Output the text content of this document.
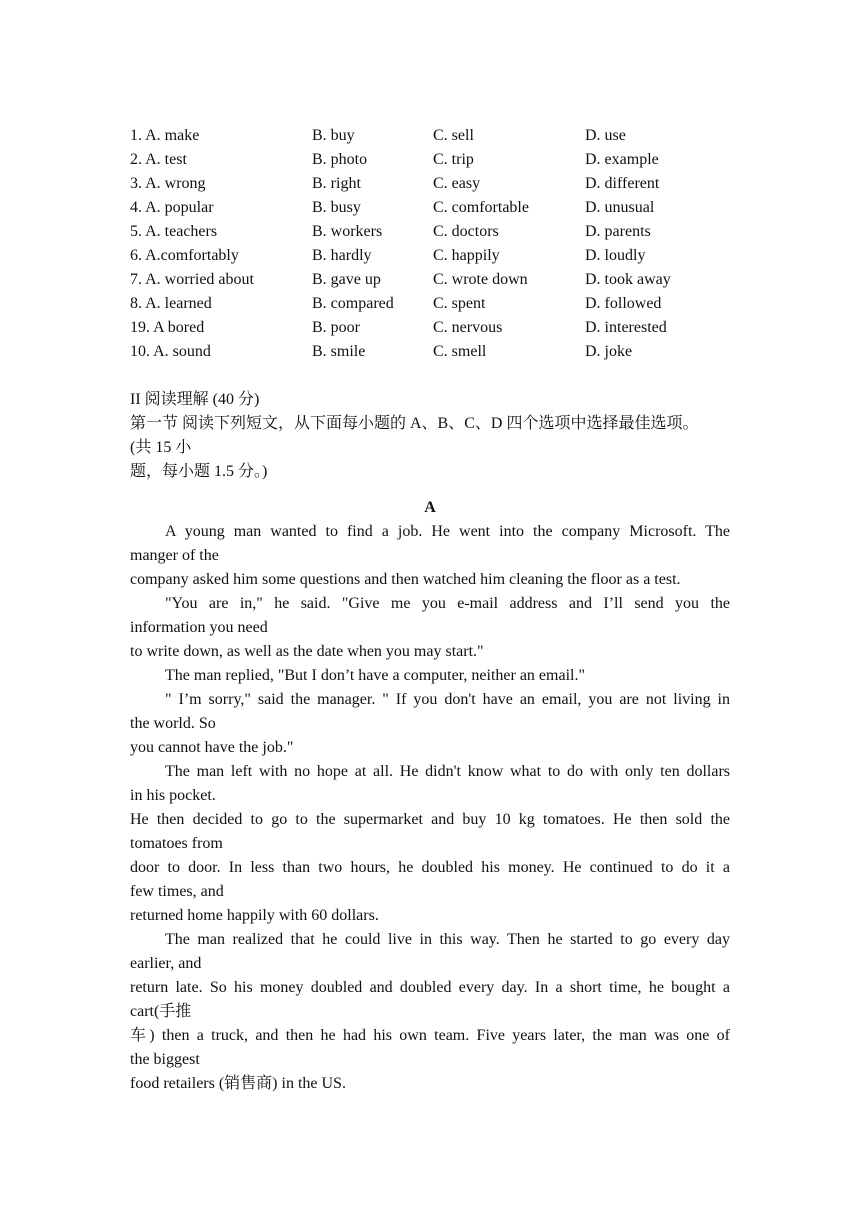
1. A. make	B. buy	C. sell	D. use
2. A. test	B. photo	C. trip	D. example
3. A. wrong	B. right	C. easy	D. different
4. A. popular	B. busy	C. comfortable	D. unusual
5. A. teachers	B. workers	C. doctors	D. parents
6. A.comfortably	B. hardly	C. happily	D. loudly
7. A. worried about	B. gave up	C. wrote down	D. took away
8. A. learned	B. compared C. spent	D. followed
19. A bored	B. poor	C. nervous	D. interested
10. A. sound	B. smile	C. smell	D. joke
II 阅读理解 (40 分)
第一节 阅读下列短文，从下面每小题的 A、B、C、D 四个选项中选择最佳选项。
(共 15 小
题，每小题 1.5 分。)
A
A young man wanted to find a job. He went into the company Microsoft. The
manger of the
company asked him some questions and then watched him cleaning the floor as a test.
"You are in," he said. "Give me you e-mail address and I’ll send you the
information you need
to write down, as well as the date when you may start."
The man replied, "But I don’t have a computer, neither an email."
" I’m sorry," said the manager. " If you don't have an email, you are not living in
the world. So
you cannot have the job."
The man left with no hope at all. He didn't know what to do with only ten dollars
in his pocket.
He then decided to go to the supermarket and buy 10 kg tomatoes. He then sold the
tomatoes from
door to door. In less than two hours, he doubled his money. He continued to do it a
few times, and
returned home happily with 60 dollars.
The man realized that he could live in this way. Then he started to go every day
earlier, and
return late. So his money doubled and doubled every day. In a short time, he bought a
cart(手推
车) then a truck, and then he had his own team. Five years later, the man was one of
the biggest
food retailers (销售商) in the US.
